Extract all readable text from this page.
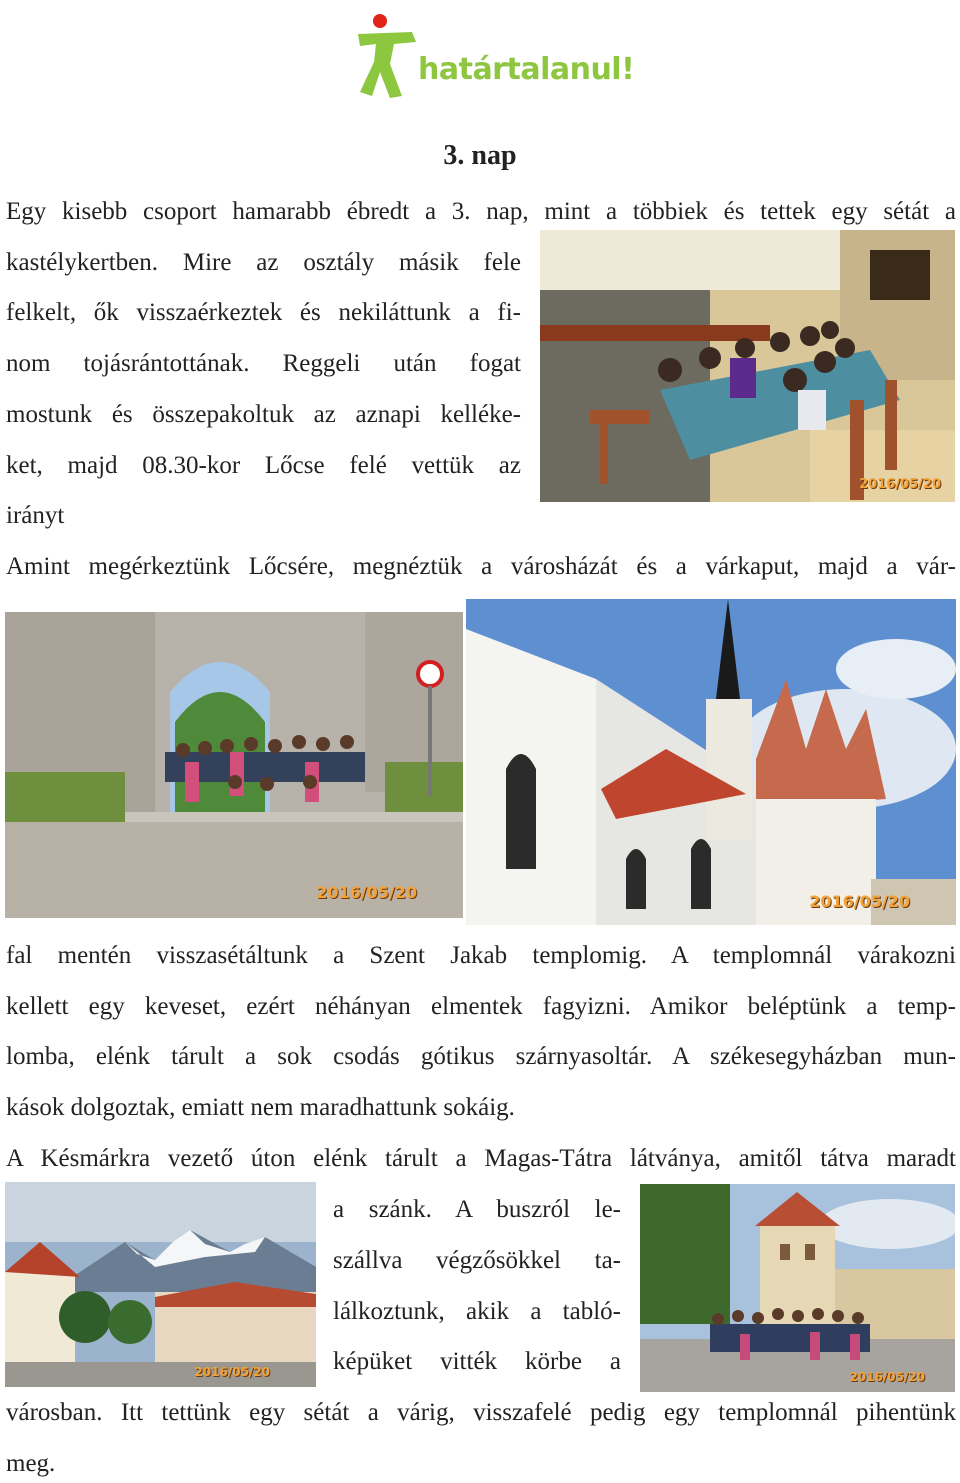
határtalanul!
3. nap
Egy kisebb csoport hamarabb ébredt a 3. nap, mint a többiek és tettek egy sétát a
kastélykertben. Mire az osztály másik fele
felkelt, ők visszaérkeztek és nekiláttunk a fi-
nom tojásrántottának. Reggeli után fogat
mostunk és összepakoltuk az aznapi kelléke-
ket, majd 08.30-kor Lőcse felé vettük az
irányt
2016/05/20
Amint megérkeztünk Lőcsére, megnéztük a városházát és a várkaput, majd a vár-
2016/05/20	2016/05/20
fal mentén visszasétáltunk a Szent Jakab templomig. A templomnál várakozni
kellett egy keveset, ezért néhányan elmentek fagyizni. Amikor beléptünk a temp-
lomba, elénk tárult a sok csodás gótikus szárnyasoltár. A székesegyházban mun-
kások dolgoztak, emiatt nem maradhattunk sokáig.
A Késmárkra vezető úton elénk tárult a Magas-Tátra látványa, amitől tátva maradt
2016/05/20
a szánk. A buszról le-
szállva végzősökkel ta-
lálkoztunk, akik a tabló-
képüket vitték körbe a
2016/05/20
városban. Itt tettünk egy sétát a várig, visszafelé pedig egy templomnál pihentünk
meg.
